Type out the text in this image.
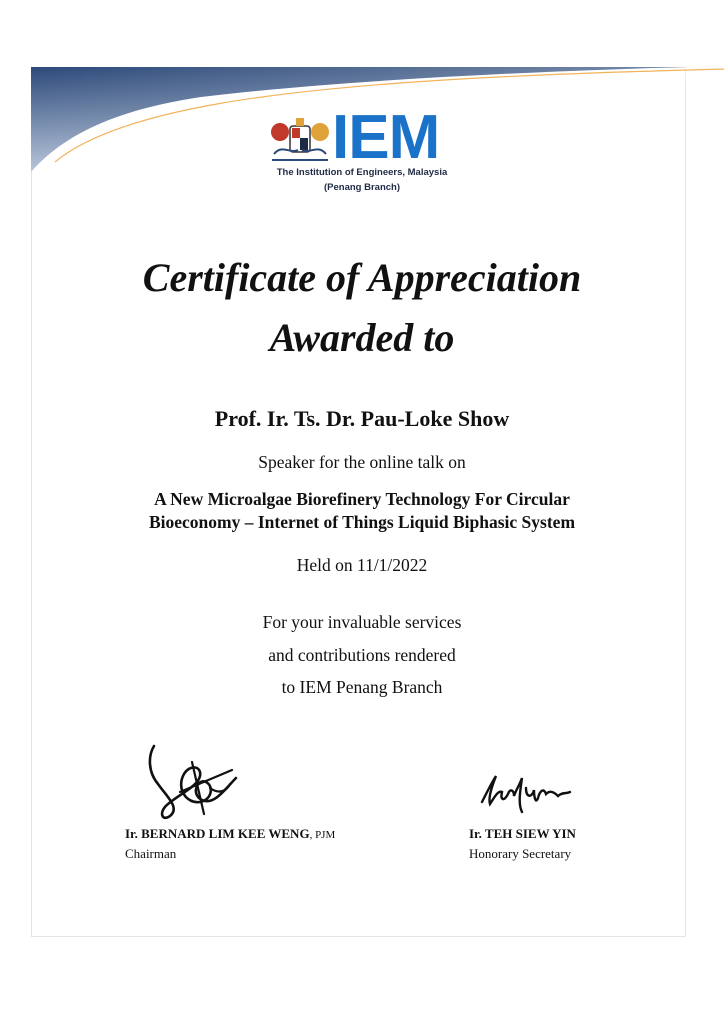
IEM
The Institution of Engineers, Malaysia
(Penang Branch)
Certificate of Appreciation
Awarded to
Prof. Ir. Ts. Dr. Pau-Loke Show
Speaker for the online talk on
A New Microalgae Biorefinery Technology For Circular
Bioeconomy – Internet of Things Liquid Biphasic System
Held on 11/1/2022
For your invaluable services
and contributions rendered
to IEM Penang Branch
Ir. BERNARD LIM KEE WENG, PJM
Chairman
Ir. TEH SIEW YIN
Honorary Secretary
